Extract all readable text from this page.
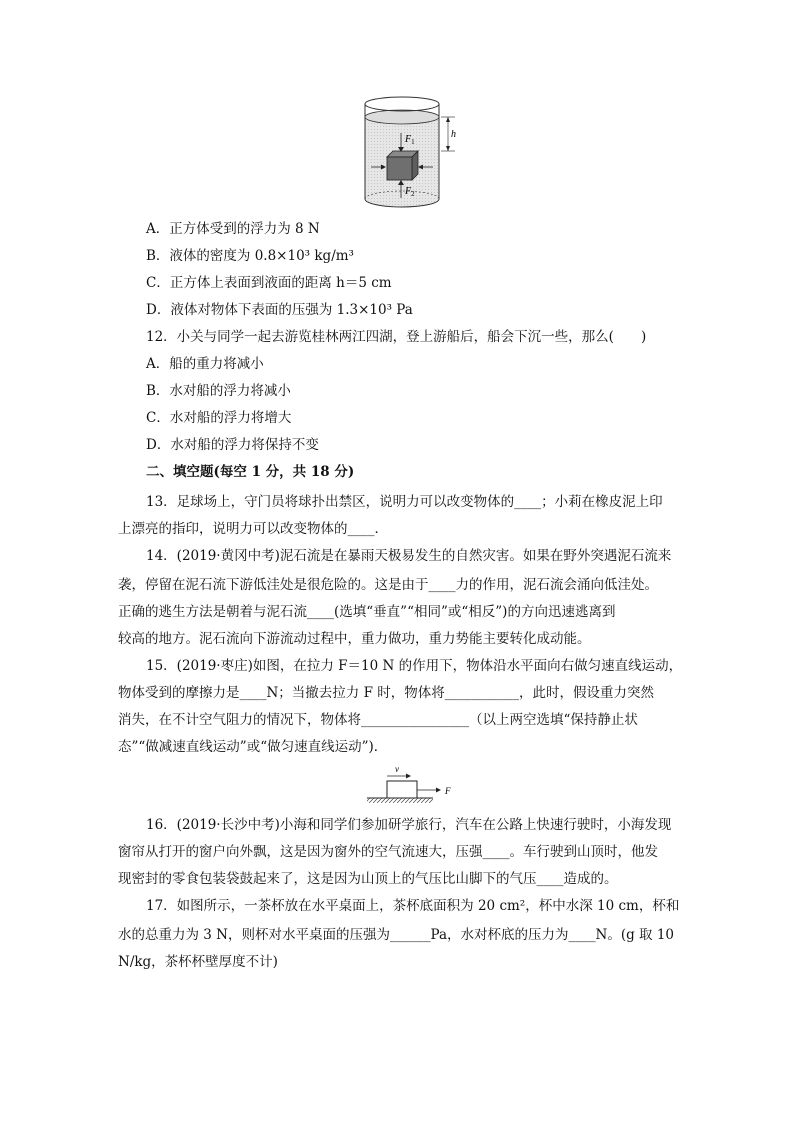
$F_1$
$F_2$
h
A．正方体受到的浮力为 8 N
B．液体的密度为 0.8×10³ kg/m³
C．正方体上表面到液面的距离 h＝5 cm
D．液体对物体下表面的压强为 1.3×10³ Pa
12．小关与同学一起去游览桂林两江四湖，登上游船后，船会下沉一些，那么(　　)
A．船的重力将减小
B．水对船的浮力将减小
C．水对船的浮力将增大
D．水对船的浮力将保持不变
二、填空题(每空 1 分，共 18 分)
13．足球场上，守门员将球扑出禁区，说明力可以改变物体的____；小莉在橡皮泥上印
上漂亮的指印，说明力可以改变物体的____．
14．(2019·黄冈中考)泥石流是在暴雨天极易发生的自然灾害。如果在野外突遇泥石流来
袭，停留在泥石流下游低洼处是很危险的。这是由于____力的作用，泥石流会涌向低洼处。
正确的逃生方法是朝着与泥石流____(选填“垂直”“相同”或“相反”)的方向迅速逃离到
较高的地方。泥石流向下游流动过程中，重力做功，重力势能主要转化成动能。
15．(2019·枣庄)如图，在拉力 F＝10 N 的作用下，物体沿水平面向右做匀速直线运动，
物体受到的摩擦力是____N；当撤去拉力 F 时，物体将___________，此时，假设重力突然
消失，在不计空气阻力的情况下，物体将________________（以上两空选填“保持静止状
态”“做减速直线运动”或“做匀速直线运动”)．
v
F
16．(2019·长沙中考)小海和同学们参加研学旅行，汽车在公路上快速行驶时，小海发现
窗帘从打开的窗户向外飘，这是因为窗外的空气流速大，压强____。车行驶到山顶时，他发
现密封的零食包装袋鼓起来了，这是因为山顶上的气压比山脚下的气压____造成的。
17．如图所示，一茶杯放在水平桌面上，茶杯底面积为 20 cm²，杯中水深 10 cm，杯和
水的总重力为 3 N，则杯对水平桌面的压强为______Pa，水对杯底的压力为____N。(g 取 10
N/kg，茶杯杯壁厚度不计)
